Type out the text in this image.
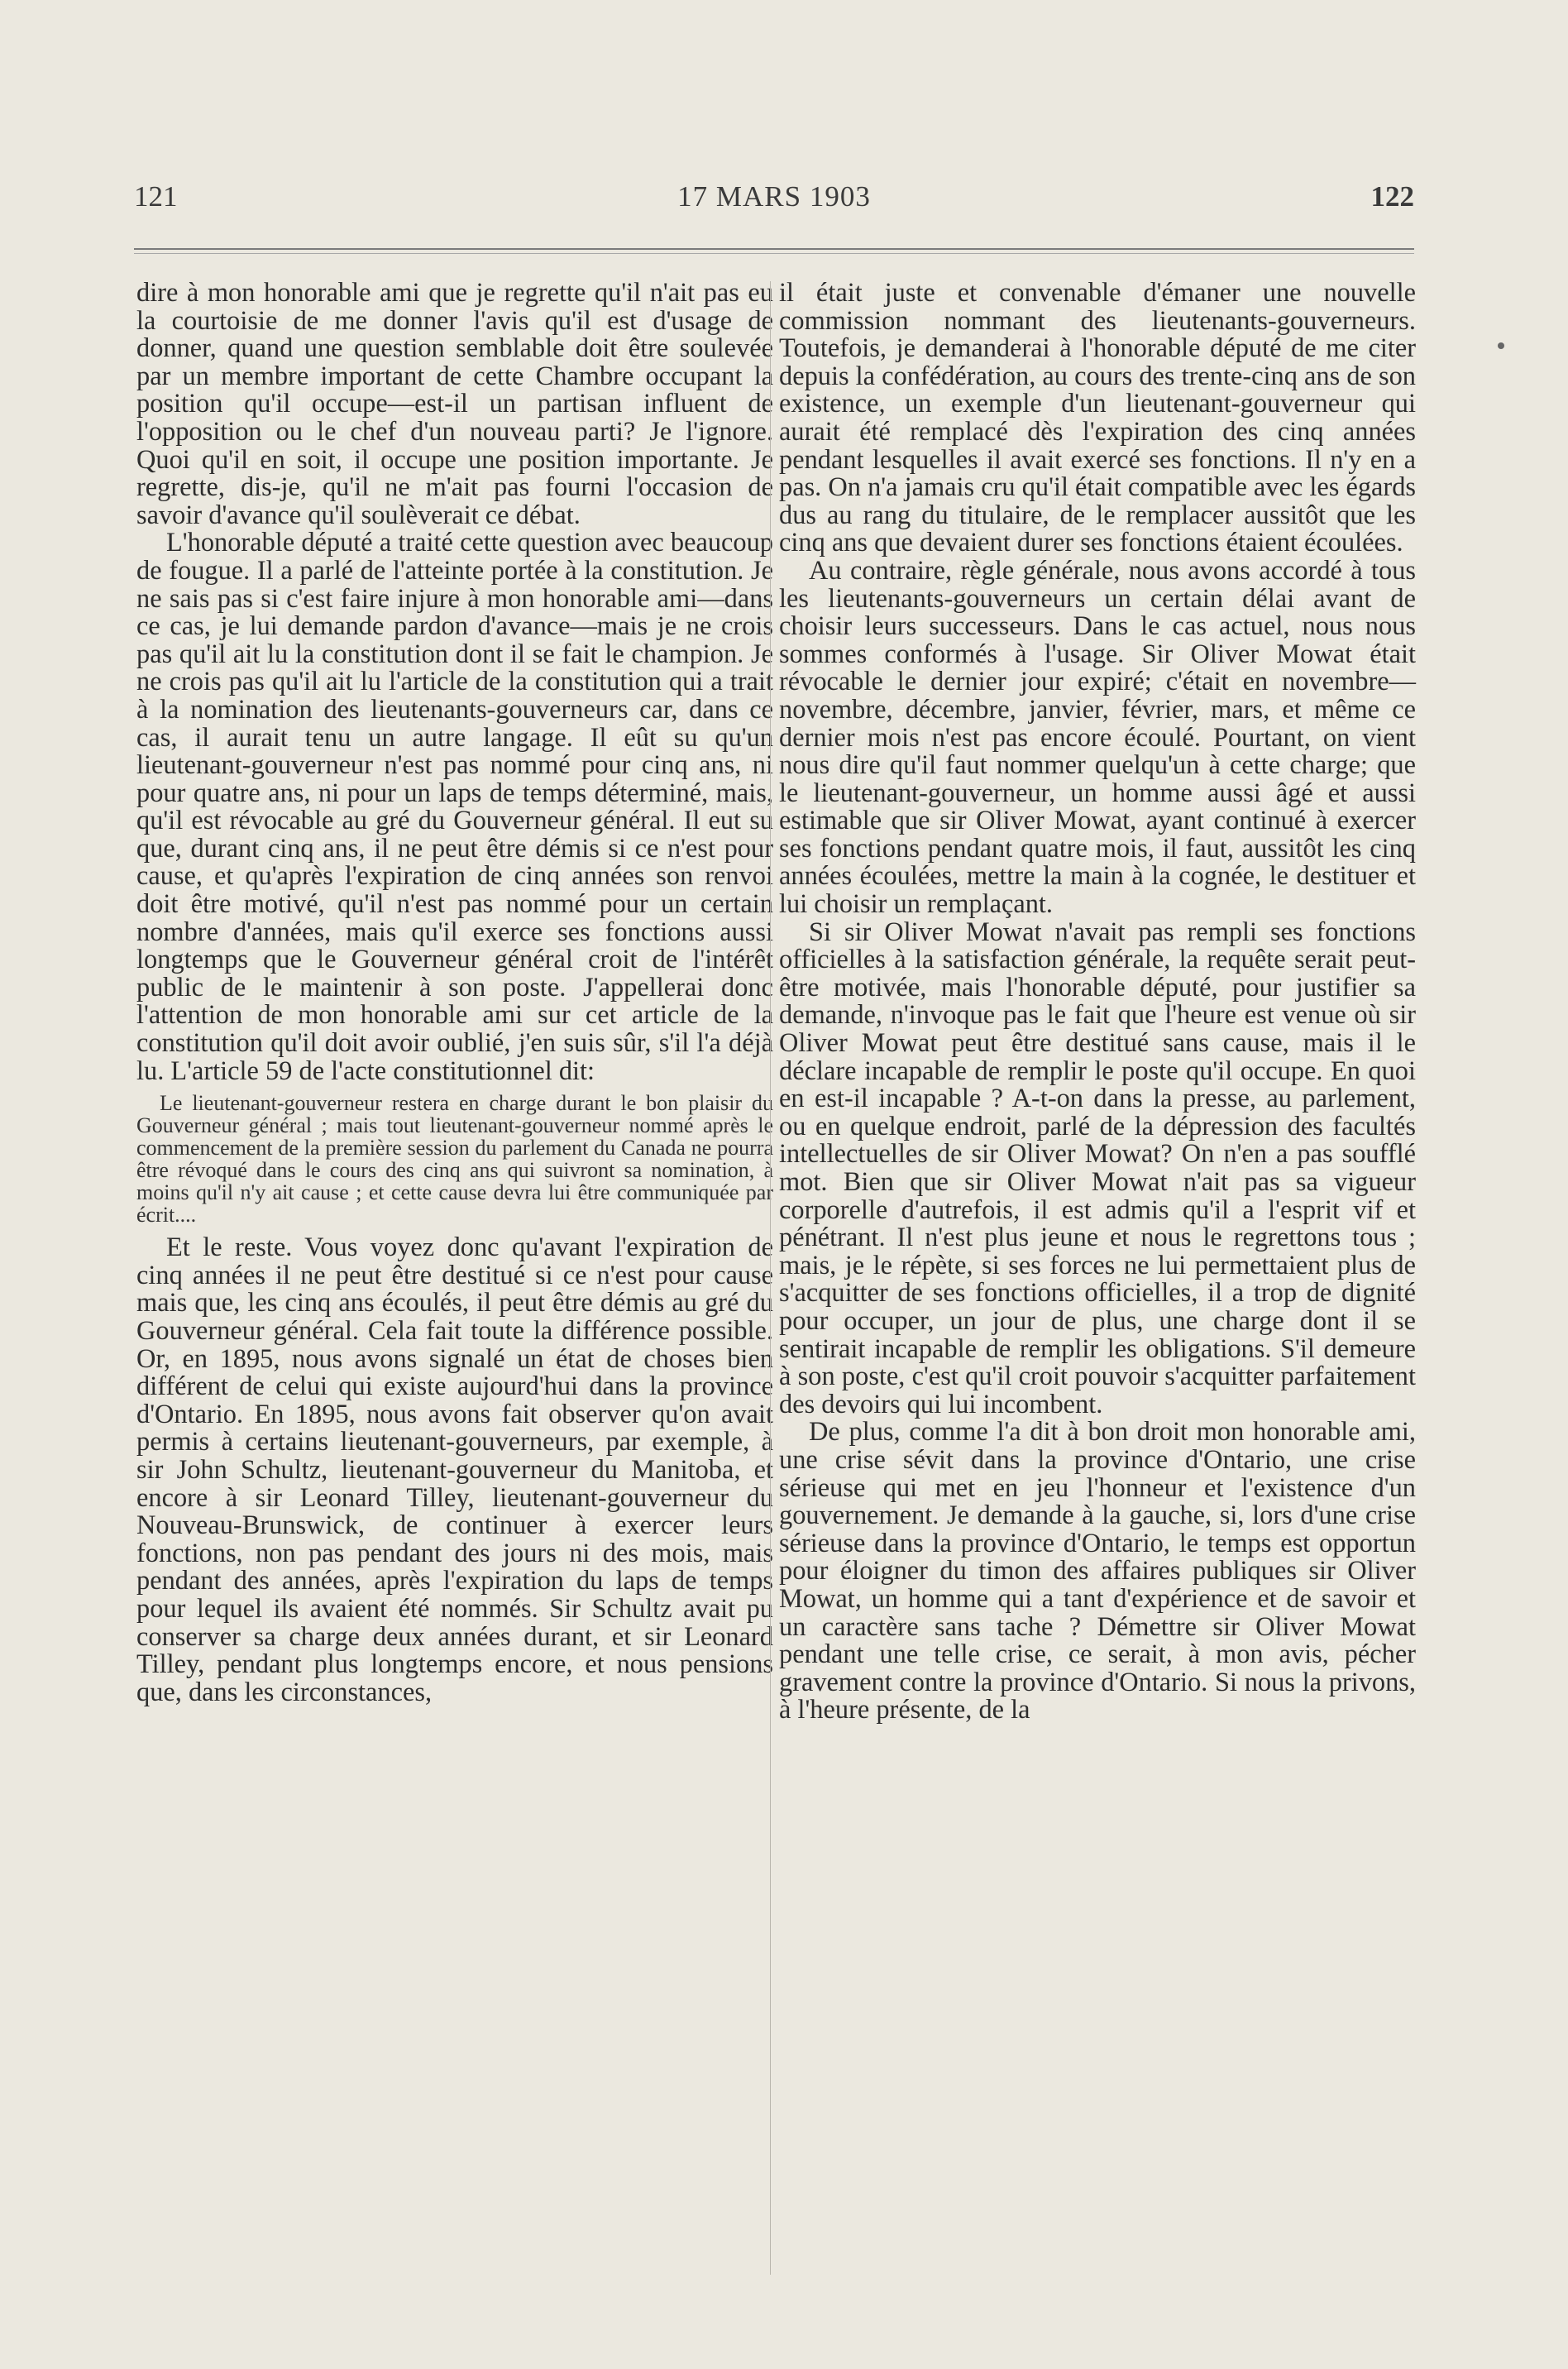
121	17 MARS 1903	122

dire à mon honorable ami que je regrette qu'il n'ait pas eu la courtoisie de me donner l'avis qu'il est d'usage de donner, quand une question semblable doit être soulevée par un membre important de cette Chambre occupant la position qu'il occupe—est-il un partisan influent de l'opposition ou le chef d'un nouveau parti? Je l'ignore. Quoi qu'il en soit, il occupe une position importante. Je regrette, dis-je, qu'il ne m'ait pas fourni l'occasion de savoir d'avance qu'il soulèverait ce débat.

L'honorable député a traité cette question avec beaucoup de fougue. Il a parlé de l'atteinte portée à la constitution. Je ne sais pas si c'est faire injure à mon honorable ami—dans ce cas, je lui demande pardon d'avance—mais je ne crois pas qu'il ait lu la constitution dont il se fait le champion. Je ne crois pas qu'il ait lu l'article de la constitution qui a trait à la nomination des lieutenants-gouverneurs car, dans ce cas, il aurait tenu un autre langage. Il eût su qu'un lieutenant-gouverneur n'est pas nommé pour cinq ans, ni pour quatre ans, ni pour un laps de temps déterminé, mais, qu'il est révocable au gré du Gouverneur général. Il eut su que, durant cinq ans, il ne peut être démis si ce n'est pour cause, et qu'après l'expiration de cinq années son renvoi doit être motivé, qu'il n'est pas nommé pour un certain nombre d'années, mais qu'il exerce ses fonctions aussi longtemps que le Gouverneur général croit de l'intérêt public de le maintenir à son poste. J'appellerai donc l'attention de mon honorable ami sur cet article de la constitution qu'il doit avoir oublié, j'en suis sûr, s'il l'a déjà lu. L'article 59 de l'acte constitutionnel dit:

Le lieutenant-gouverneur restera en charge durant le bon plaisir du Gouverneur général ; mais tout lieutenant-gouverneur nommé après le commencement de la première session du parlement du Canada ne pourra être révoqué dans le cours des cinq ans qui suivront sa nomination, à moins qu'il n'y ait cause ; et cette cause devra lui être communiquée par écrit....

Et le reste. Vous voyez donc qu'avant l'expiration de cinq années il ne peut être destitué si ce n'est pour cause mais que, les cinq ans écoulés, il peut être démis au gré du Gouverneur général. Cela fait toute la différence possible. Or, en 1895, nous avons signalé un état de choses bien différent de celui qui existe aujourd'hui dans la province d'Ontario. En 1895, nous avons fait observer qu'on avait permis à certains lieutenant-gouverneurs, par exemple, à sir John Schultz, lieutenant-gouverneur du Manitoba, et encore à sir Leonard Tilley, lieutenant-gouverneur du Nouveau-Brunswick, de continuer à exercer leurs fonctions, non pas pendant des jours ni des mois, mais pendant des années, après l'expiration du laps de temps pour lequel ils avaient été nommés. Sir Schultz avait pu conserver sa charge deux années durant, et sir Leonard Tilley, pendant plus longtemps encore, et nous pensions que, dans les circonstances,

il était juste et convenable d'émaner une nouvelle commission nommant des lieutenants-gouverneurs. Toutefois, je demanderai à l'honorable député de me citer depuis la confédération, au cours des trente-cinq ans de son existence, un exemple d'un lieutenant-gouverneur qui aurait été remplacé dès l'expiration des cinq années pendant lesquelles il avait exercé ses fonctions. Il n'y en a pas. On n'a jamais cru qu'il était compatible avec les égards dus au rang du titulaire, de le remplacer aussitôt que les cinq ans que devaient durer ses fonctions étaient écoulées.

Au contraire, règle générale, nous avons accordé à tous les lieutenants-gouverneurs un certain délai avant de choisir leurs successeurs. Dans le cas actuel, nous nous sommes conformés à l'usage. Sir Oliver Mowat était révocable le dernier jour expiré; c'était en novembre—novembre, décembre, janvier, février, mars, et même ce dernier mois n'est pas encore écoulé. Pourtant, on vient nous dire qu'il faut nommer quelqu'un à cette charge; que le lieutenant-gouverneur, un homme aussi âgé et aussi estimable que sir Oliver Mowat, ayant continué à exercer ses fonctions pendant quatre mois, il faut, aussitôt les cinq années écoulées, mettre la main à la cognée, le destituer et lui choisir un remplaçant.

Si sir Oliver Mowat n'avait pas rempli ses fonctions officielles à la satisfaction générale, la requête serait peut-être motivée, mais l'honorable député, pour justifier sa demande, n'invoque pas le fait que l'heure est venue où sir Oliver Mowat peut être destitué sans cause, mais il le déclare incapable de remplir le poste qu'il occupe. En quoi en est-il incapable ? A-t-on dans la presse, au parlement, ou en quelque endroit, parlé de la dépression des facultés intellectuelles de sir Oliver Mowat? On n'en a pas soufflé mot. Bien que sir Oliver Mowat n'ait pas sa vigueur corporelle d'autrefois, il est admis qu'il a l'esprit vif et pénétrant. Il n'est plus jeune et nous le regrettons tous ; mais, je le répète, si ses forces ne lui permettaient plus de s'acquitter de ses fonctions officielles, il a trop de dignité pour occuper, un jour de plus, une charge dont il se sentirait incapable de remplir les obligations. S'il demeure à son poste, c'est qu'il croit pouvoir s'acquitter parfaitement des devoirs qui lui incombent.

De plus, comme l'a dit à bon droit mon honorable ami, une crise sévit dans la province d'Ontario, une crise sérieuse qui met en jeu l'honneur et l'existence d'un gouvernement. Je demande à la gauche, si, lors d'une crise sérieuse dans la province d'Ontario, le temps est opportun pour éloigner du timon des affaires publiques sir Oliver Mowat, un homme qui a tant d'expérience et de savoir et un caractère sans tache ? Démettre sir Oliver Mowat pendant une telle crise, ce serait, à mon avis, pécher gravement contre la province d'Ontario. Si nous la privons, à l'heure présente, de la
